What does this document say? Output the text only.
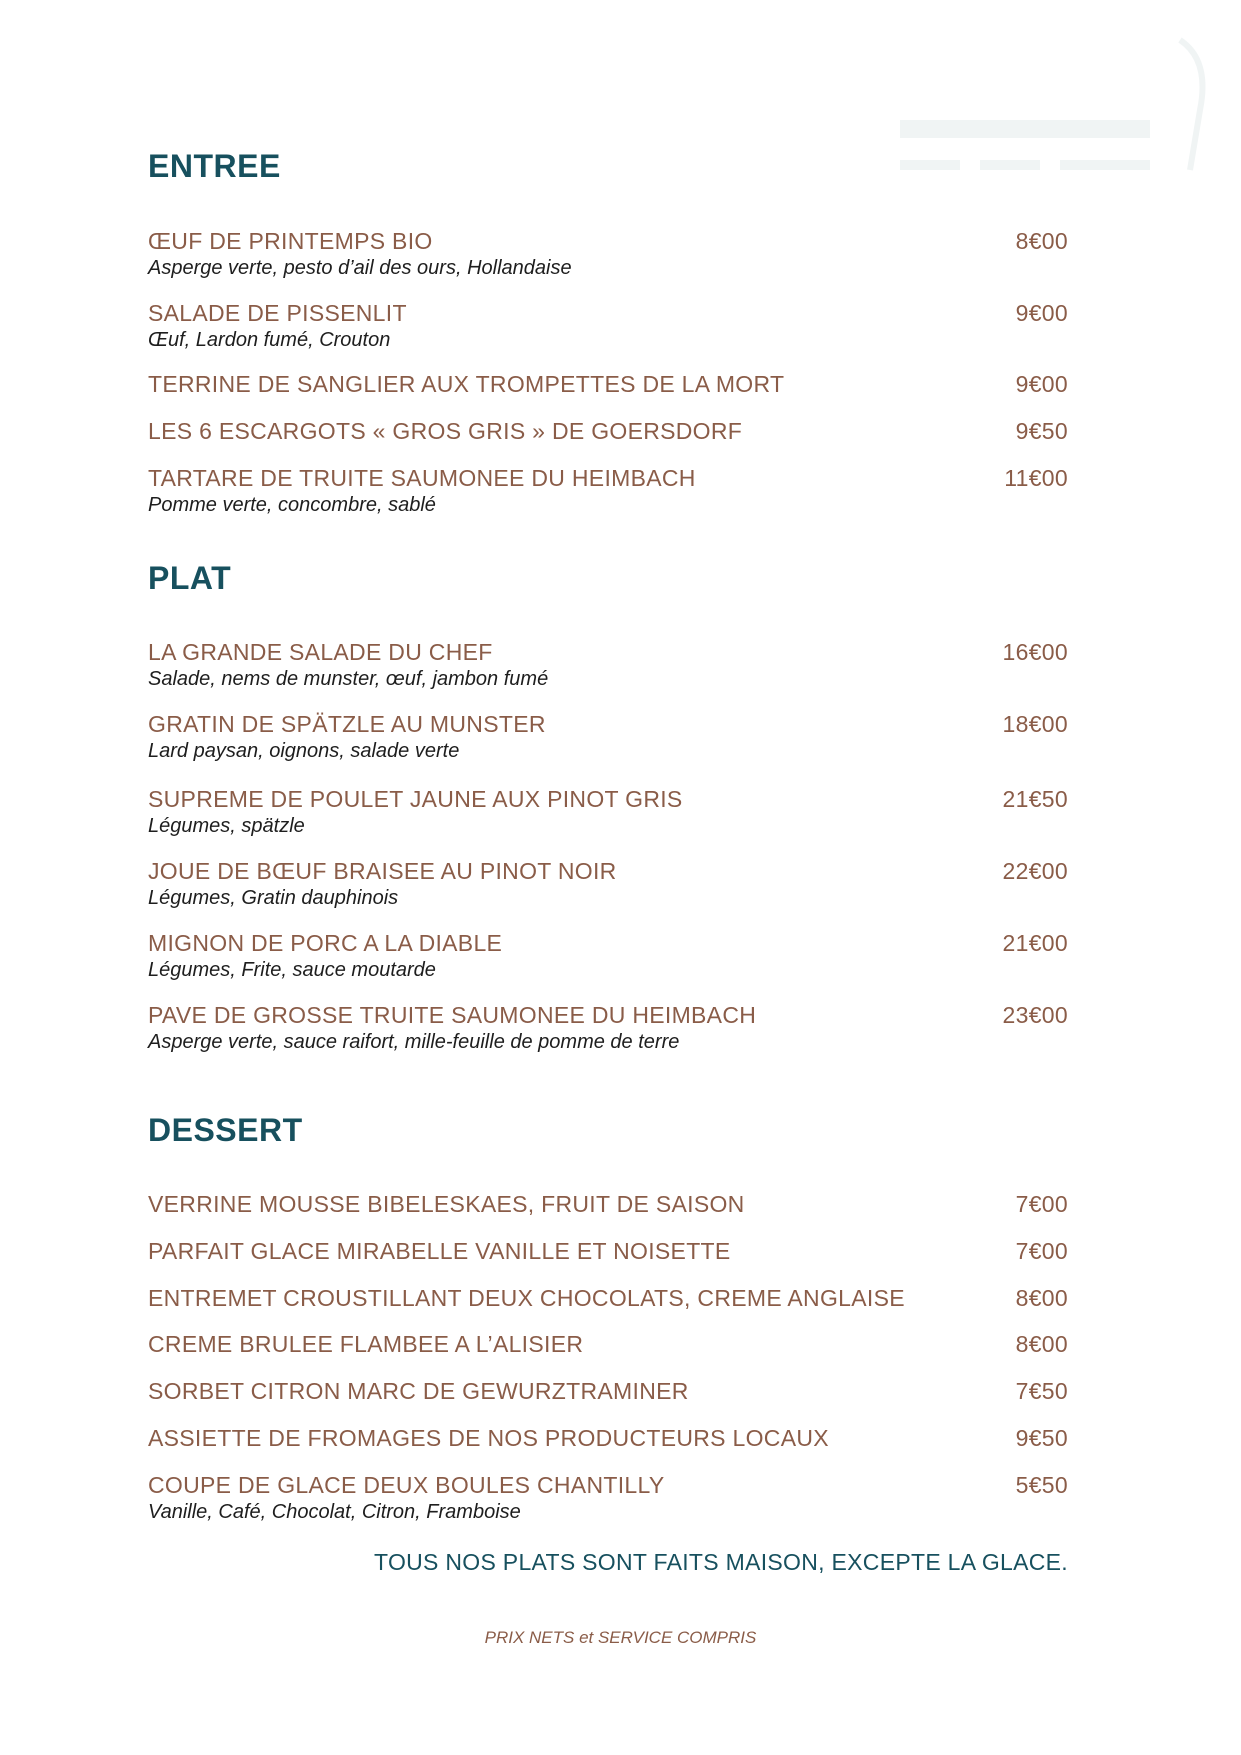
ENTREE
ŒUF DE PRINTEMPS BIO	8€00
Asperge verte, pesto d’ail des ours, Hollandaise
SALADE DE PISSENLIT	9€00
Œuf, Lardon fumé, Crouton
TERRINE DE SANGLIER AUX TROMPETTES DE LA MORT	9€00
LES 6 ESCARGOTS « GROS GRIS » DE GOERSDORF	9€50
TARTARE DE TRUITE SAUMONEE DU HEIMBACH	11€00
Pomme verte, concombre, sablé
PLAT
LA GRANDE SALADE DU CHEF	16€00
Salade, nems de munster, œuf, jambon fumé
GRATIN DE SPÄTZLE AU MUNSTER	18€00
Lard paysan, oignons, salade verte
SUPREME DE POULET JAUNE AUX PINOT GRIS	21€50
Légumes, spätzle
JOUE DE BŒUF BRAISEE AU PINOT NOIR	22€00
Légumes, Gratin dauphinois
MIGNON DE PORC A LA DIABLE	21€00
Légumes, Frite, sauce moutarde
PAVE DE GROSSE TRUITE SAUMONEE DU HEIMBACH	23€00
Asperge verte, sauce raifort, mille-feuille de pomme de terre
DESSERT
VERRINE MOUSSE BIBELESKAES, FRUIT DE SAISON	7€00
PARFAIT GLACE MIRABELLE VANILLE ET NOISETTE	7€00
ENTREMET CROUSTILLANT DEUX CHOCOLATS, CREME ANGLAISE	8€00
CREME BRULEE FLAMBEE A L’ALISIER	8€00
SORBET CITRON MARC DE GEWURZTRAMINER	7€50
ASSIETTE DE FROMAGES DE NOS PRODUCTEURS LOCAUX	9€50
COUPE DE GLACE DEUX BOULES CHANTILLY	5€50
Vanille, Café, Chocolat, Citron, Framboise
TOUS NOS PLATS SONT FAITS MAISON, EXCEPTE LA GLACE.
PRIX NETS et SERVICE COMPRIS
